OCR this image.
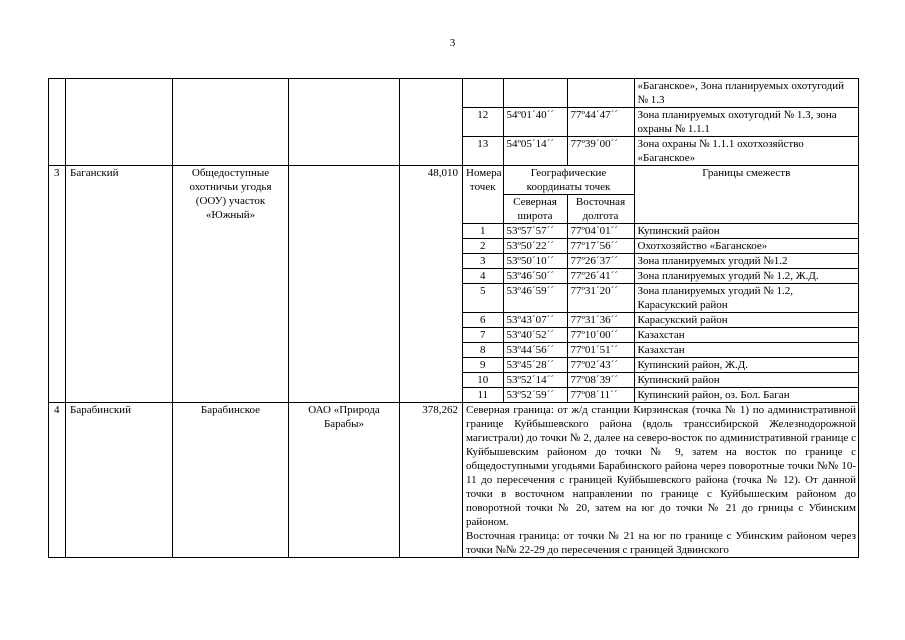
3

			«Баганское», Зона планируемых охотугодий № 1.3
12	54º01´40´´	77º44´47´´	Зона планируемых охотугодий № 1.3, зона охраны № 1.1.1
13	54º05´14´´	77º39´00´´	Зона охраны № 1.1.1 охотхозяйство «Баганское»

3	Баганский	Общедоступные охотничьи угодья (ООУ) участок «Южный»		48,010	Номера точек	Географические координаты точек	Границы смежеств
Северная широта	Восточная долгота
1	53º57´57´´	77º04´01´´	Купинский район
2	53º50´22´´	77º17´56´´	Охотхозяйство «Баганское»
3	53º50´10´´	77º26´37´´	Зона планируемых угодий №1.2
4	53º46´50´´	77º26´41´´	Зона планируемых угодий № 1.2, Ж.Д.
5	53º46´59´´	77º31´20´´	Зона планируемых угодий № 1.2, Карасукский район
6	53º43´07´´	77º31´36´´	Карасукский район
7	53º40´52´´	77º10´00´´	Казахстан
8	53º44´56´´	77º01´51´´	Казахстан
9	53º45´28´´	77º02´43´´	Купинский район, Ж.Д.
10	53º52´14´´	77º08´39´´	Купинский район
11	53º52´59´´	77º08´11´´	Купинский район, оз. Бол. Баган

4	Барабинский	Барабинское	ОАО «Природа Барабы»	378,262	Северная граница: от ж/д станции Кирзинская (точка № 1) по административной границе Куйбышевского района (вдоль транссибирской Железнодорожной магистрали) до точки № 2, далее на северо-восток по административной границе с Куйбышевским районом до точки № 9, затем на восток по границе с общедоступными угодьями Барабинского района через поворотные точки №№ 10-11 до пересечения с границей Куйбышевского района (точка № 12). От данной точки в восточном направлении по границе с Куйбышеским районом до поворотной точки № 20, затем на юг до точки № 21 до грницы с Убинским районом.

Восточная граница: от точки № 21 на юг по границе с Убинским районом через точки №№ 22-29 до пересечения с границей Здвинского
